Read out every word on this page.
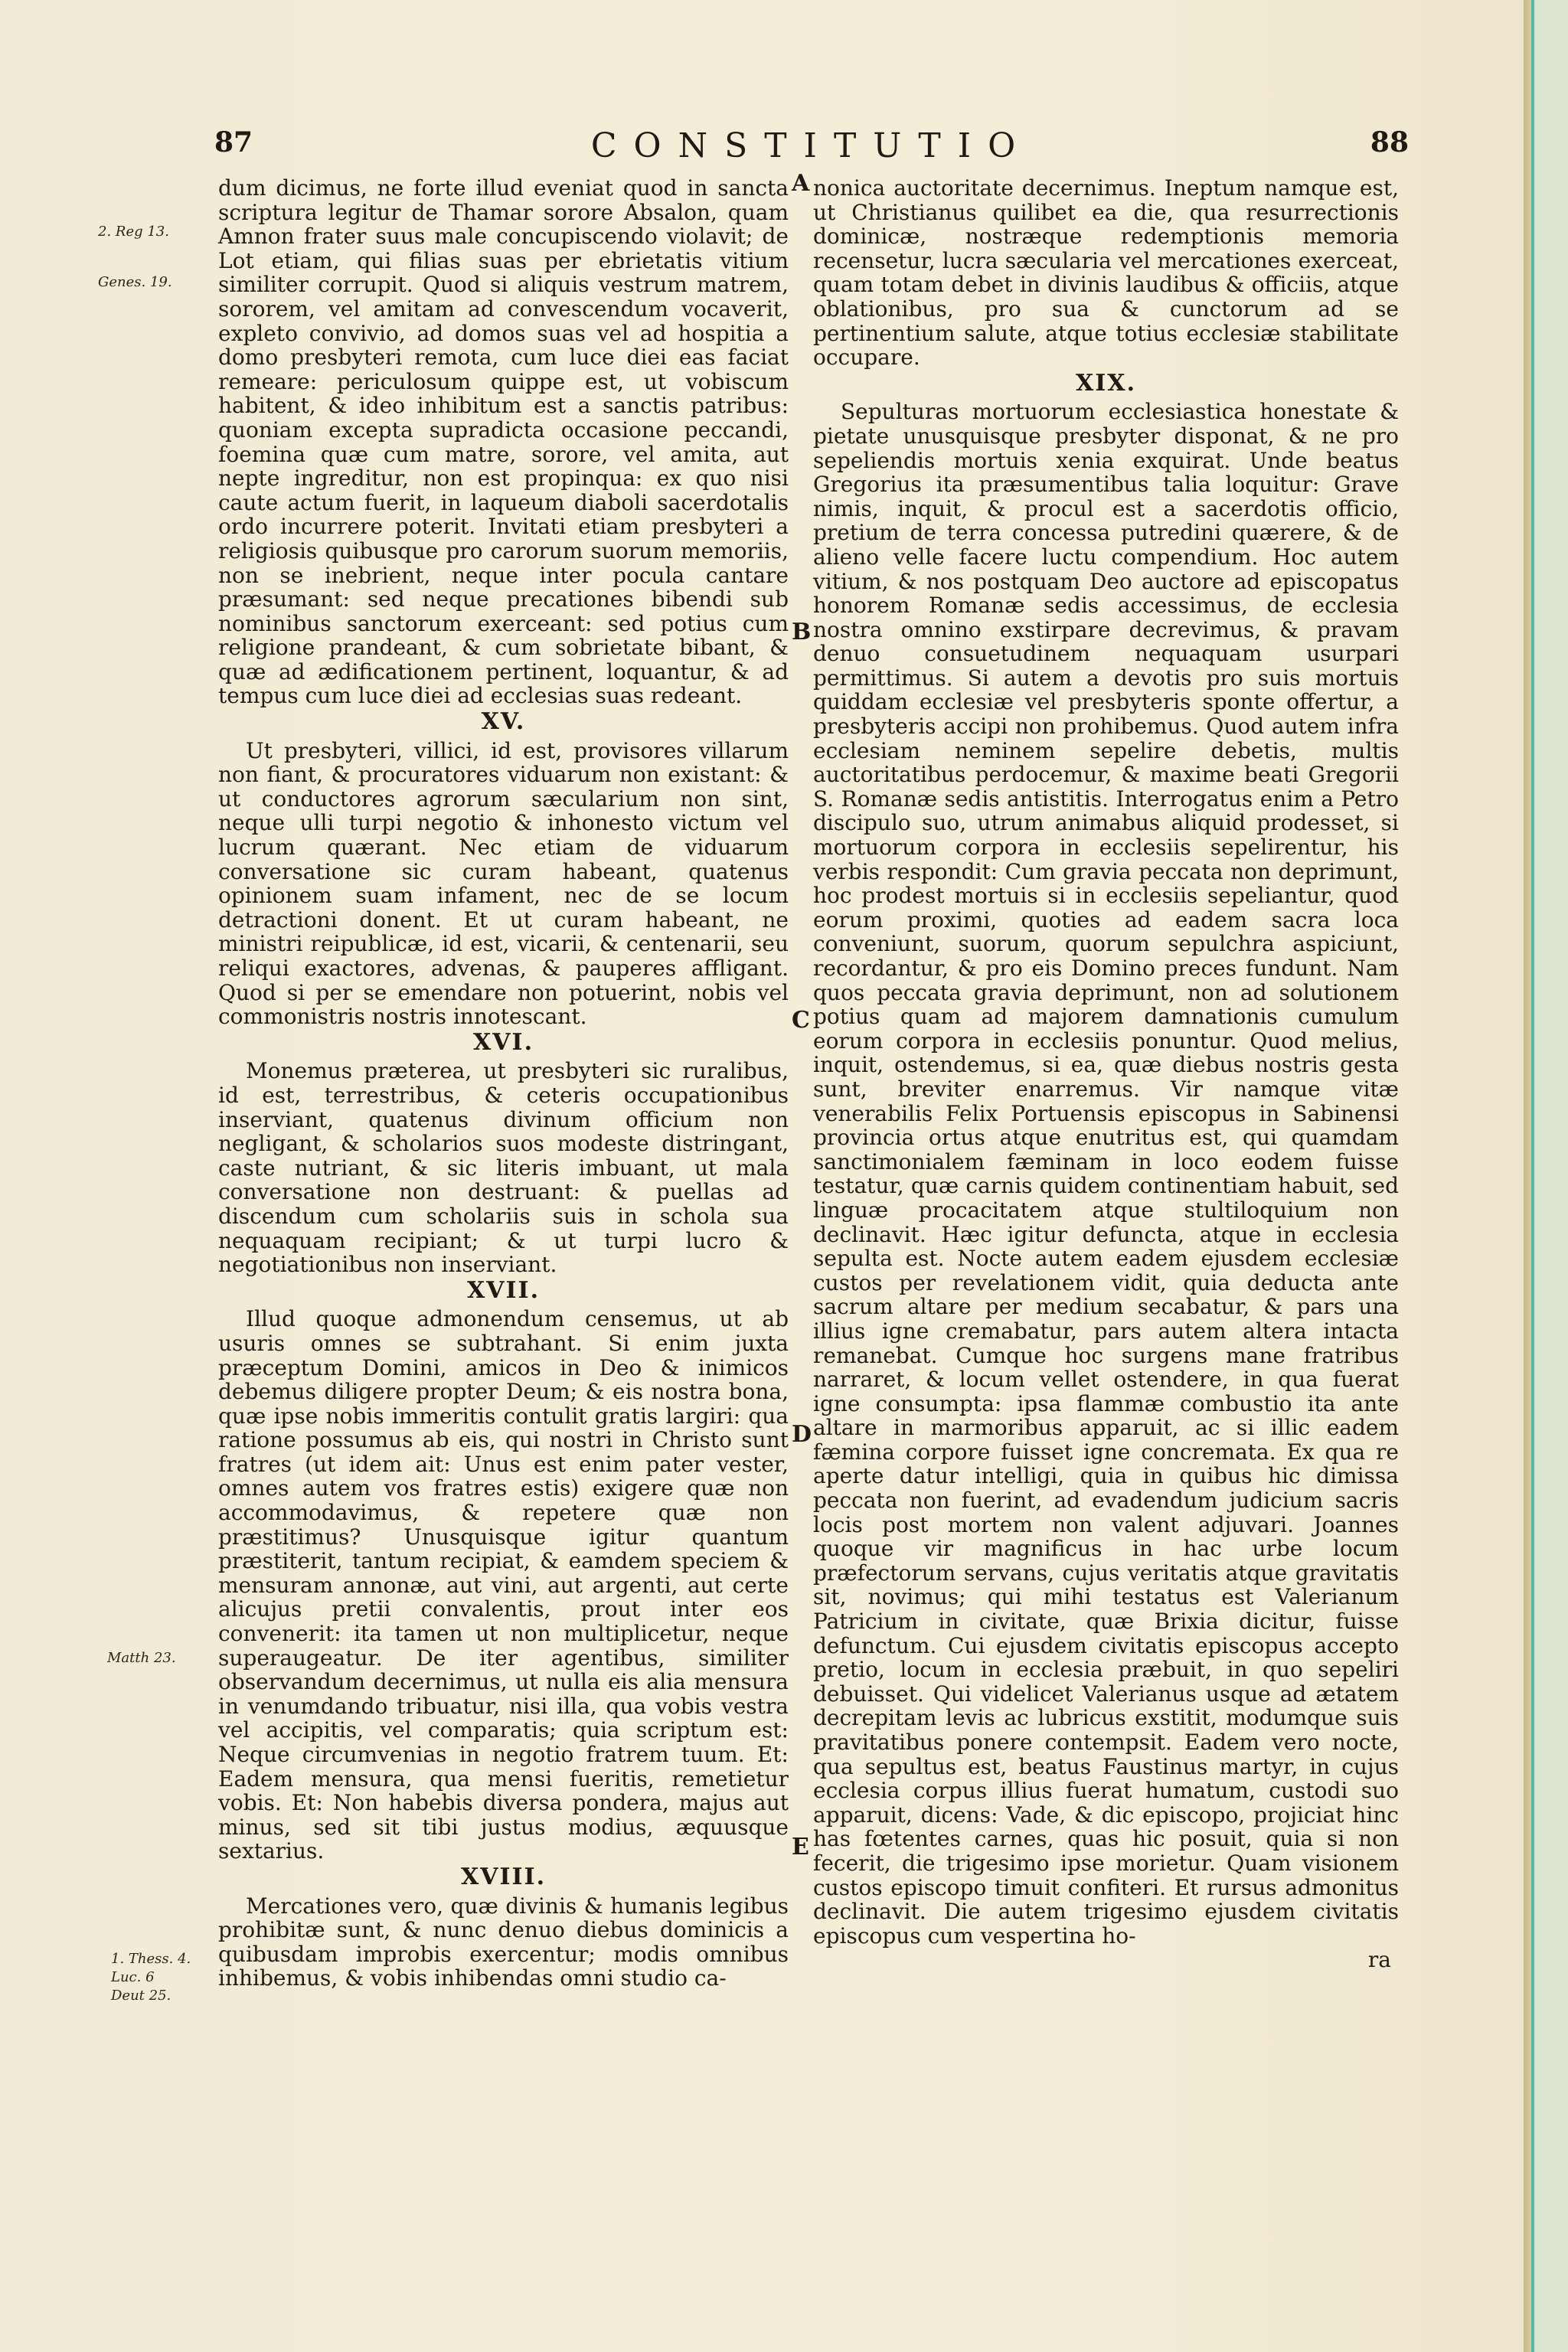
87	CONSTITUTIO	88
2. Reg 13.
Genes. 19.
Matth 23.
1. Thess. 4.
Luc. 6
Deut 25.
A
B
C
D
E

dum dicimus, ne forte illud eveniat quod in sancta scriptura legitur de Thamar sorore Absalon, quam Amnon frater suus male concupiscendo violavit; de Lot etiam, qui filias suas per ebrietatis vitium similiter corrupit. Quod si aliquis vestrum matrem, sororem, vel amitam ad convescendum vocaverit, expleto convivio, ad domos suas vel ad hospitia a domo presbyteri remota, cum luce diei eas faciat remeare: periculosum quippe est, ut vobiscum habitent, & ideo inhibitum est a sanctis patribus: quoniam excepta supradicta occasione peccandi, foemina quæ cum matre, sorore, vel amita, aut nepte ingreditur, non est propinqua: ex quo nisi caute actum fuerit, in laqueum diaboli sacerdotalis ordo incurrere poterit. Invitati etiam presbyteri a religiosis quibusque pro carorum suorum memoriis, non se inebrient, neque inter pocula cantare præsumant: sed neque precationes bibendi sub nominibus sanctorum exerceant: sed potius cum religione prandeant, & cum sobrietate bibant, & quæ ad ædificationem pertinent, loquantur, & ad tempus cum luce diei ad ecclesias suas redeant.

XV.

Ut presbyteri, villici, id est, provisores villarum non fiant, & procuratores viduarum non existant: & ut conductores agrorum sæcularium non sint, neque ulli turpi negotio & inhonesto victum vel lucrum quærant. Nec etiam de viduarum conversatione sic curam habeant, quatenus opinionem suam infament, nec de se locum detractioni donent. Et ut curam habeant, ne ministri reipublicæ, id est, vicarii, & centenarii, seu reliqui exactores, advenas, & pauperes affligant. Quod si per se emendare non potuerint, nobis vel commonistris nostris innotescant.

XVI.

Monemus præterea, ut presbyteri sic ruralibus, id est, terrestribus, & ceteris occupationibus inserviant, quatenus divinum officium non negligant, & scholarios suos modeste distringant, caste nutriant, & sic literis imbuant, ut mala conversatione non destruant: & puellas ad discendum cum scholariis suis in schola sua nequaquam recipiant; & ut turpi lucro & negotiationibus non inserviant.

XVII.

Illud quoque admonendum censemus, ut ab usuris omnes se subtrahant. Si enim juxta præceptum Domini, amicos in Deo & inimicos debemus diligere propter Deum; & eis nostra bona, quæ ipse nobis immeritis contulit gratis largiri: qua ratione possumus ab eis, qui nostri in Christo sunt fratres (ut idem ait: Unus est enim pater vester, omnes autem vos fratres estis) exigere quæ non accommodavimus, & repetere quæ non præstitimus? Unusquisque igitur quantum præstiterit, tantum recipiat, & eamdem speciem & mensuram annonæ, aut vini, aut argenti, aut certe alicujus pretii convalentis, prout inter eos convenerit: ita tamen ut non multiplicetur, neque superaugeatur. De iter agentibus, similiter observandum decernimus, ut nulla eis alia mensura in venumdando tribuatur, nisi illa, qua vobis vestra vel accipitis, vel comparatis; quia scriptum est: Neque circumvenias in negotio fratrem tuum. Et: Eadem mensura, qua mensi fueritis, remetietur vobis. Et: Non habebis diversa pondera, majus aut minus, sed sit tibi justus modius, æquusque sextarius.

XVIII.

Mercationes vero, quæ divinis & humanis legibus prohibitæ sunt, & nunc denuo diebus dominicis a quibusdam improbis exercentur; modis omnibus inhibemus, & vobis inhibendas omni studio ca-

nonica auctoritate decernimus. Ineptum namque est, ut Christianus quilibet ea die, qua resurrectionis dominicæ, nostræque redemptionis memoria recensetur, lucra sæcularia vel mercationes exerceat, quam totam debet in divinis laudibus & officiis, atque oblationibus, pro sua & cunctorum ad se pertinentium salute, atque totius ecclesiæ stabilitate occupare.

XIX.

Sepulturas mortuorum ecclesiastica honestate & pietate unusquisque presbyter disponat, & ne pro sepeliendis mortuis xenia exquirat. Unde beatus Gregorius ita præsumentibus talia loquitur: Grave nimis, inquit, & procul est a sacerdotis officio, pretium de terra concessa putredini quærere, & de alieno velle facere luctu compendium. Hoc autem vitium, & nos postquam Deo auctore ad episcopatus honorem Romanæ sedis accessimus, de ecclesia nostra omnino exstirpare decrevimus, & pravam denuo consuetudinem nequaquam usurpari permittimus. Si autem a devotis pro suis mortuis quiddam ecclesiæ vel presbyteris sponte offertur, a presbyteris accipi non prohibemus. Quod autem infra ecclesiam neminem sepelire debetis, multis auctoritatibus perdocemur, & maxime beati Gregorii S. Romanæ sedis antistitis. Interrogatus enim a Petro discipulo suo, utrum animabus aliquid prodesset, si mortuorum corpora in ecclesiis sepelirentur, his verbis respondit: Cum gravia peccata non deprimunt, hoc prodest mortuis si in ecclesiis sepeliantur, quod eorum proximi, quoties ad eadem sacra loca conveniunt, suorum, quorum sepulchra aspiciunt, recordantur, & pro eis Domino preces fundunt. Nam quos peccata gravia deprimunt, non ad solutionem potius quam ad majorem damnationis cumulum eorum corpora in ecclesiis ponuntur. Quod melius, inquit, ostendemus, si ea, quæ diebus nostris gesta sunt, breviter enarremus. Vir namque vitæ venerabilis Felix Portuensis episcopus in Sabinensi provincia ortus atque enutritus est, qui quamdam sanctimonialem fæminam in loco eodem fuisse testatur, quæ carnis quidem continentiam habuit, sed linguæ procacitatem atque stultiloquium non declinavit. Hæc igitur defuncta, atque in ecclesia sepulta est. Nocte autem eadem ejusdem ecclesiæ custos per revelationem vidit, quia deducta ante sacrum altare per medium secabatur, & pars una illius igne cremabatur, pars autem altera intacta remanebat. Cumque hoc surgens mane fratribus narraret, & locum vellet ostendere, in qua fuerat igne consumpta: ipsa flammæ combustio ita ante altare in marmoribus apparuit, ac si illic eadem fæmina corpore fuisset igne concremata. Ex qua re aperte datur intelligi, quia in quibus hic dimissa peccata non fuerint, ad evadendum judicium sacris locis post mortem non valent adjuvari. Joannes quoque vir magnificus in hac urbe locum præfectorum servans, cujus veritatis atque gravitatis sit, novimus; qui mihi testatus est Valerianum Patricium in civitate, quæ Brixia dicitur, fuisse defunctum. Cui ejusdem civitatis episcopus accepto pretio, locum in ecclesia præbuit, in quo sepeliri debuisset. Qui videlicet Valerianus usque ad ætatem decrepitam levis ac lubricus exstitit, modumque suis pravitatibus ponere contempsit. Eadem vero nocte, qua sepultus est, beatus Faustinus martyr, in cujus ecclesia corpus illius fuerat humatum, custodi suo apparuit, dicens: Vade, & dic episcopo, projiciat hinc has fœtentes carnes, quas hic posuit, quia si non fecerit, die trigesimo ipse morietur. Quam visionem custos episcopo timuit confiteri. Et rursus admonitus declinavit. Die autem trigesimo ejusdem civitatis episcopus cum vespertina ho-

ra
